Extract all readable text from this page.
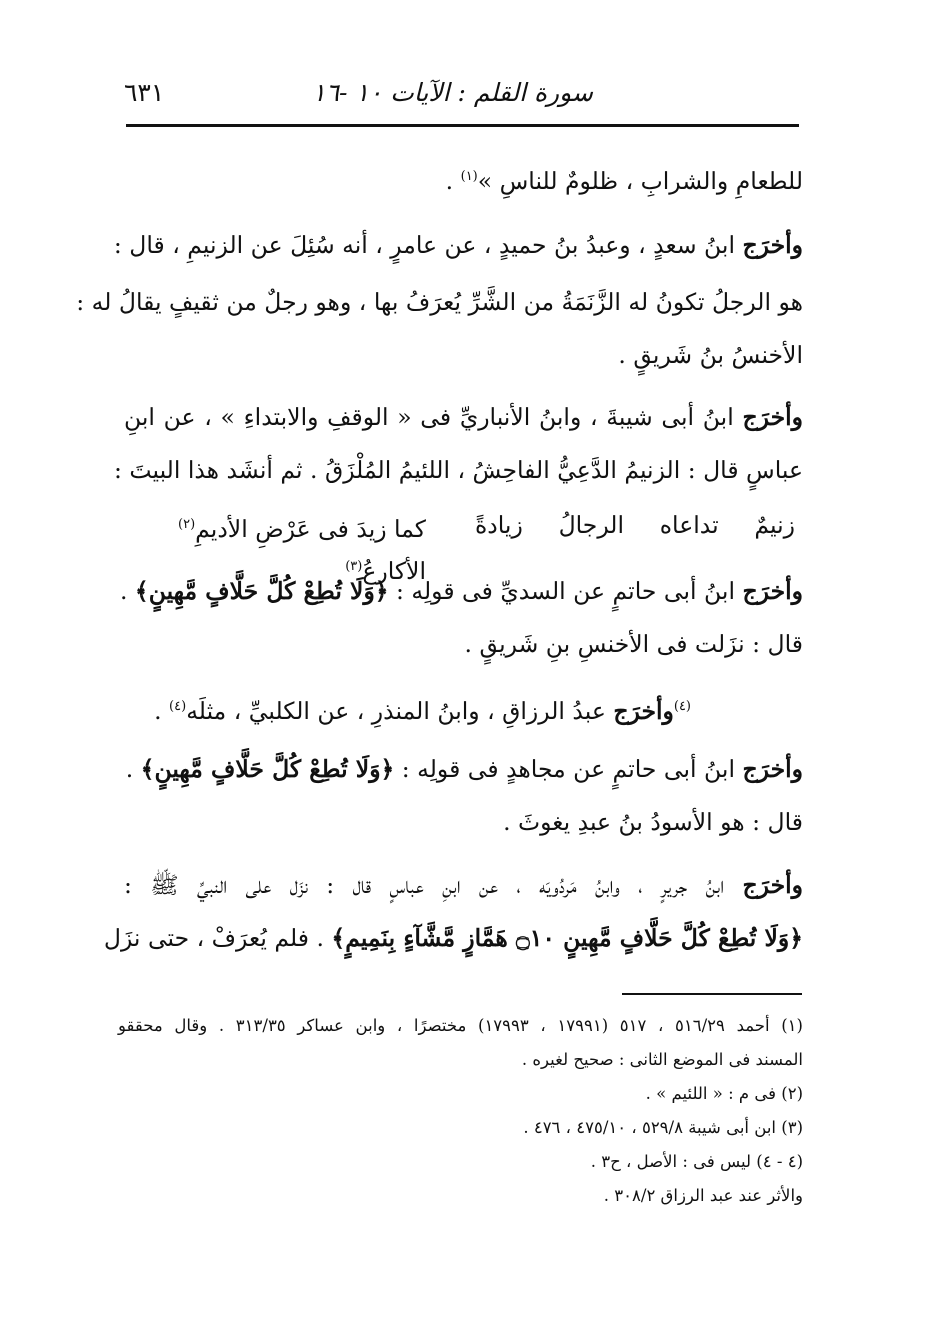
سورة القلم : الآيات ١٠ -١٦
٦٣١
للطعامِ والشرابِ ، ظلومٌ للناسِ »$^{(١)}$ .
وأخرَج ابنُ سعدٍ ، وعبدُ بنُ حميدٍ ، عن عامرٍ ، أنه سُئِلَ عن الزنيمِ ، قال :
هو الرجلُ تكونُ له الزَّنَمَةُ من الشَّرِّ يُعرَفُ بها ، وهو رجلٌ من ثقيفٍ يقالُ له :
الأخنسُ بنُ شَريقٍ .
وأخرَج ابنُ أبى شيبةَ ، وابنُ الأنباريِّ فى « الوقفِ والابتداءِ » ، عن ابنِ
عباسٍ قال : الزنيمُ الدَّعِيُّ الفاحِشُ ، اللئيمُ المُلْزَقُ . ثم أنشَد هذا البيتَ :
زنيمٌ تداعاه الرجالُ زيادةً
كما زيدَ فى عَرْضِ الأديمِ$^{(٢)}$ الأكارعُ$^{(٣)}$
وأخرَج ابنُ أبى حاتمٍ عن السديِّ فى قولِه : ﴿وَلَا تُطِعْ كُلَّ حَلَّافٍ مَّهِينٍ﴾ .
قال : نزَلت فى الأخنسِ بنِ شَريقٍ .
$^{(٤)}$وأخرَج عبدُ الرزاقِ ، وابنُ المنذرِ ، عن الكلبيِّ ، مثلَه$^{(٤)}$ .
وأخرَج ابنُ أبى حاتمٍ عن مجاهدٍ فى قولِه : ﴿وَلَا تُطِعْ كُلَّ حَلَّافٍ مَّهِينٍ﴾ .
قال : هو الأسودُ بنُ عبدِ يغوثَ .
وأخرَج ابنُ جريرٍ ، وابنُ مَردُويَه ، عن ابنِ عباسٍ قال : نزَل على النبيِّ ﷺ :
﴿وَلَا تُطِعْ كُلَّ حَلَّافٍ مَّهِينٍ ۝١٠ هَمَّازٍ مَّشَّآءٍ بِنَمِيمٍ﴾ . فلم يُعرَفْ ، حتى نزَل
(١) أحمد ٥١٦/٢٩ ، ٥١٧ (١٧٩٩١ ، ١٧٩٩٣) مختصرًا ، وابن عساكر ٣١٣/٣٥ . وقال محققو
المسند فى الموضع الثانى : صحيح لغيره .
(٢) فى م : « اللئيم » .
(٣) ابن أبى شيبة ٥٢٩/٨ ، ٤٧٥/١٠ ، ٤٧٦ .
(٤ - ٤) ليس فى : الأصل ، ح٣ .
والأثر عند عبد الرزاق ٣٠٨/٢ .
